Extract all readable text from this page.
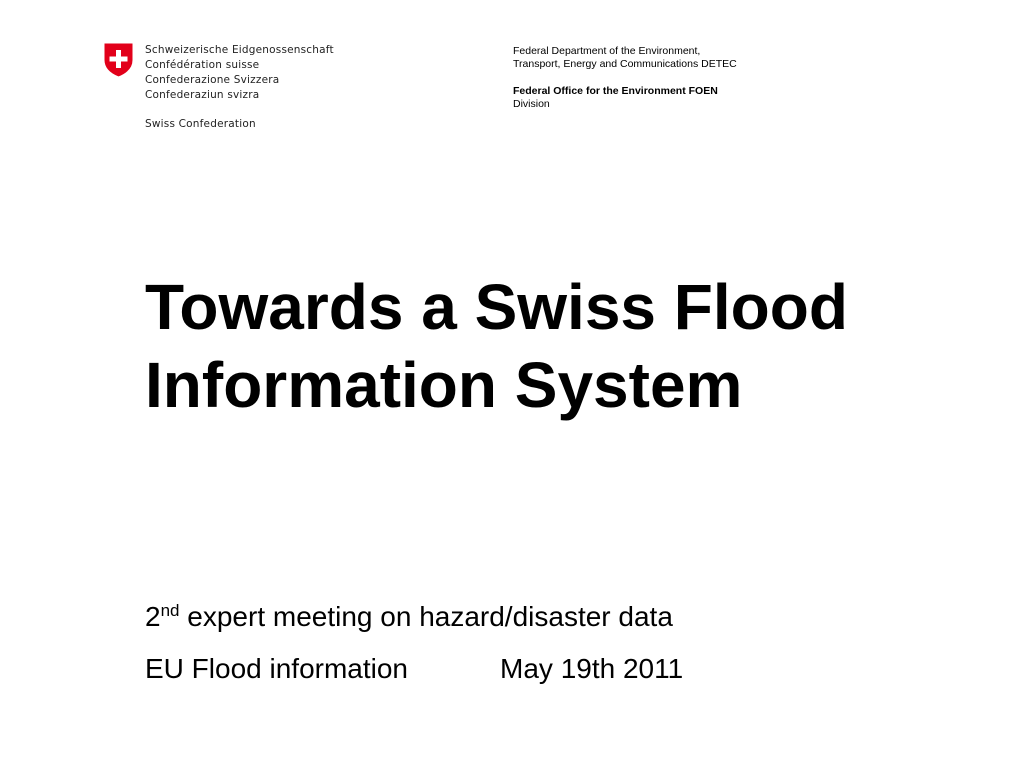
Schweizerische Eidgenossenschaft
Confédération suisse
Confederazione Svizzera
Confederaziun svizra
Swiss Confederation
Federal Department of the Environment,
Transport, Energy and Communications DETEC
Federal Office for the Environment FOEN
Division
Towards a Swiss Flood
Information System
2nd expert meeting on hazard/disaster data
EU Flood information	May 19th 2011
